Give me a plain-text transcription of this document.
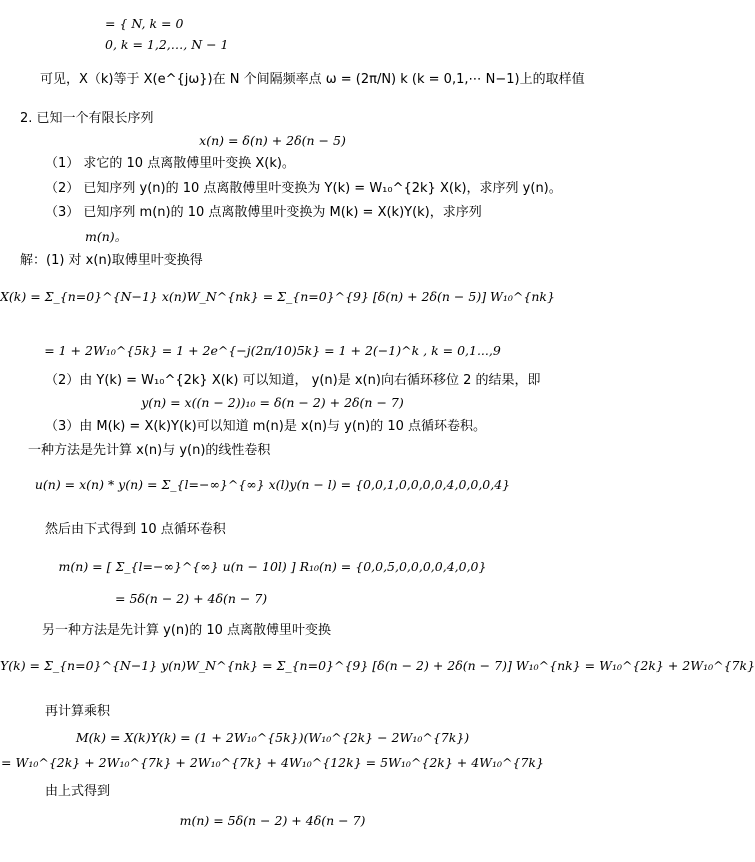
= { N, k = 0
0, k = 1,2,…, N − 1
可见，X（k)等于 X(e^{jω})在 N 个间隔频率点 ω = (2π/N) k (k = 0,1,⋯ N−1)上的取样值
2. 已知一个有限长序列
x(n) = δ(n) + 2δ(n − 5)
（1） 求它的 10 点离散傅里叶变换 X(k)。
（2） 已知序列 y(n)的 10 点离散傅里叶变换为 Y(k) = W₁₀^{2k} X(k)，求序列 y(n)。
（3） 已知序列 m(n)的 10 点离散傅里叶变换为 M(k) = X(k)Y(k)，求序列
m(n)。
解：(1) 对 x(n)取傅里叶变换得
X(k) = Σ_{n=0}^{N−1} x(n)W_N^{nk} = Σ_{n=0}^{9} [δ(n) + 2δ(n − 5)] W₁₀^{nk}
= 1 + 2W₁₀^{5k} = 1 + 2e^{−j(2π/10)5k} = 1 + 2(−1)^k , k = 0,1...,9
（2）由 Y(k) = W₁₀^{2k} X(k) 可以知道， y(n)是 x(n)向右循环移位 2 的结果，即
y(n) = x((n − 2))₁₀ = δ(n − 2) + 2δ(n − 7)
（3）由 M(k) = X(k)Y(k)可以知道 m(n)是 x(n)与 y(n)的 10 点循环卷积。
一种方法是先计算 x(n)与 y(n)的线性卷积
u(n) = x(n) * y(n) = Σ_{l=−∞}^{∞} x(l)y(n − l) = {0,0,1,0,0,0,0,4,0,0,0,4}
然后由下式得到 10 点循环卷积
m(n) = [ Σ_{l=−∞}^{∞} u(n − 10l) ] R₁₀(n) = {0,0,5,0,0,0,0,4,0,0}
= 5δ(n − 2) + 4δ(n − 7)
另一种方法是先计算 y(n)的 10 点离散傅里叶变换
Y(k) = Σ_{n=0}^{N−1} y(n)W_N^{nk} = Σ_{n=0}^{9} [δ(n − 2) + 2δ(n − 7)] W₁₀^{nk} = W₁₀^{2k} + 2W₁₀^{7k}
再计算乘积
M(k) = X(k)Y(k) = (1 + 2W₁₀^{5k})(W₁₀^{2k} − 2W₁₀^{7k})
= W₁₀^{2k} + 2W₁₀^{7k} + 2W₁₀^{7k} + 4W₁₀^{12k} = 5W₁₀^{2k} + 4W₁₀^{7k}
由上式得到
m(n) = 5δ(n − 2) + 4δ(n − 7)
